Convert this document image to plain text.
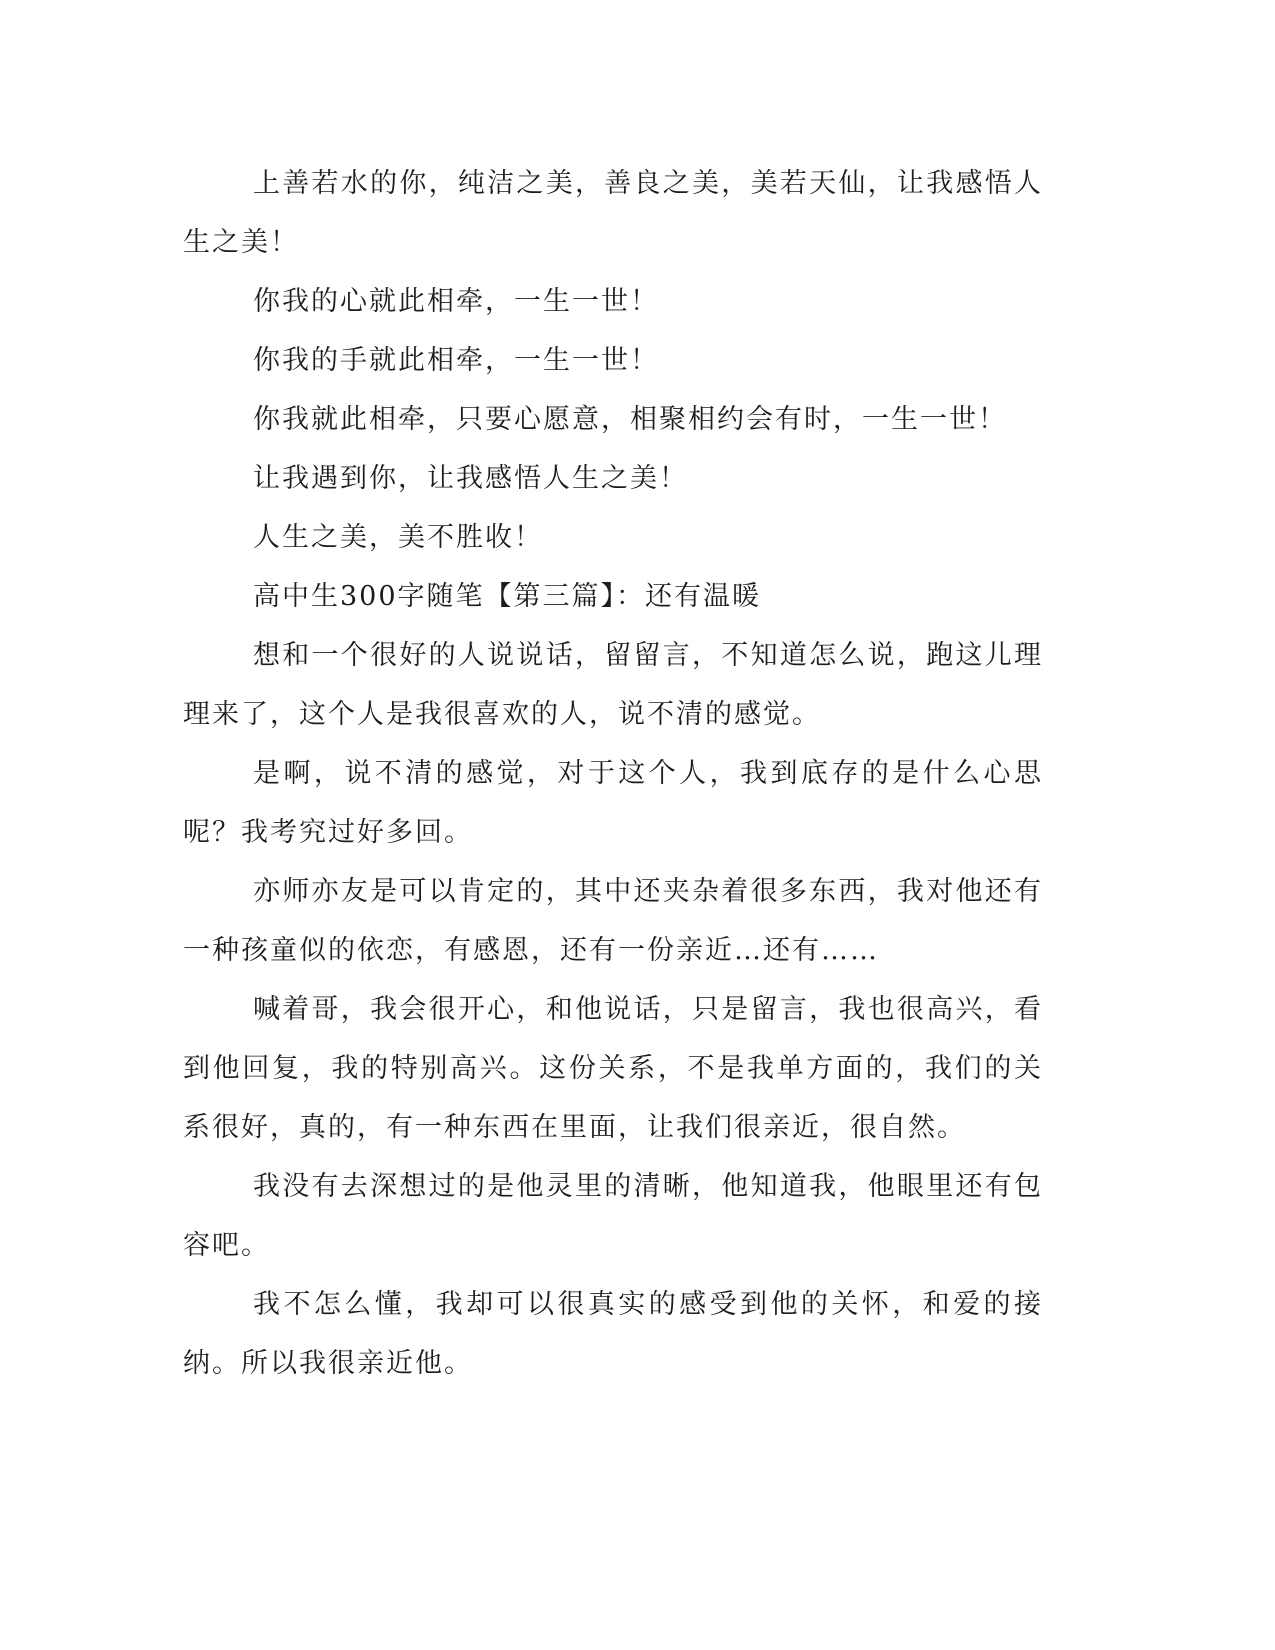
上善若水的你，纯洁之美，善良之美，美若天仙，让我感悟人生之美！

你我的心就此相牵，一生一世！

你我的手就此相牵，一生一世！

你我就此相牵，只要心愿意，相聚相约会有时，一生一世！

让我遇到你，让我感悟人生之美！

人生之美，美不胜收！

高中生300字随笔【第三篇】：还有温暖

想和一个很好的人说说话，留留言，不知道怎么说，跑这儿理理来了，这个人是我很喜欢的人，说不清的感觉。

是啊，说不清的感觉，对于这个人，我到底存的是什么心思呢？我考究过好多回。

亦师亦友是可以肯定的，其中还夹杂着很多东西，我对他还有一种孩童似的依恋，有感恩，还有一份亲近…还有……

喊着哥，我会很开心，和他说话，只是留言，我也很高兴，看到他回复，我的特别高兴。这份关系，不是我单方面的，我们的关系很好，真的，有一种东西在里面，让我们很亲近，很自然。

我没有去深想过的是他灵里的清晰，他知道我，他眼里还有包容吧。

我不怎么懂，我却可以很真实的感受到他的关怀，和爱的接纳。所以我很亲近他。
